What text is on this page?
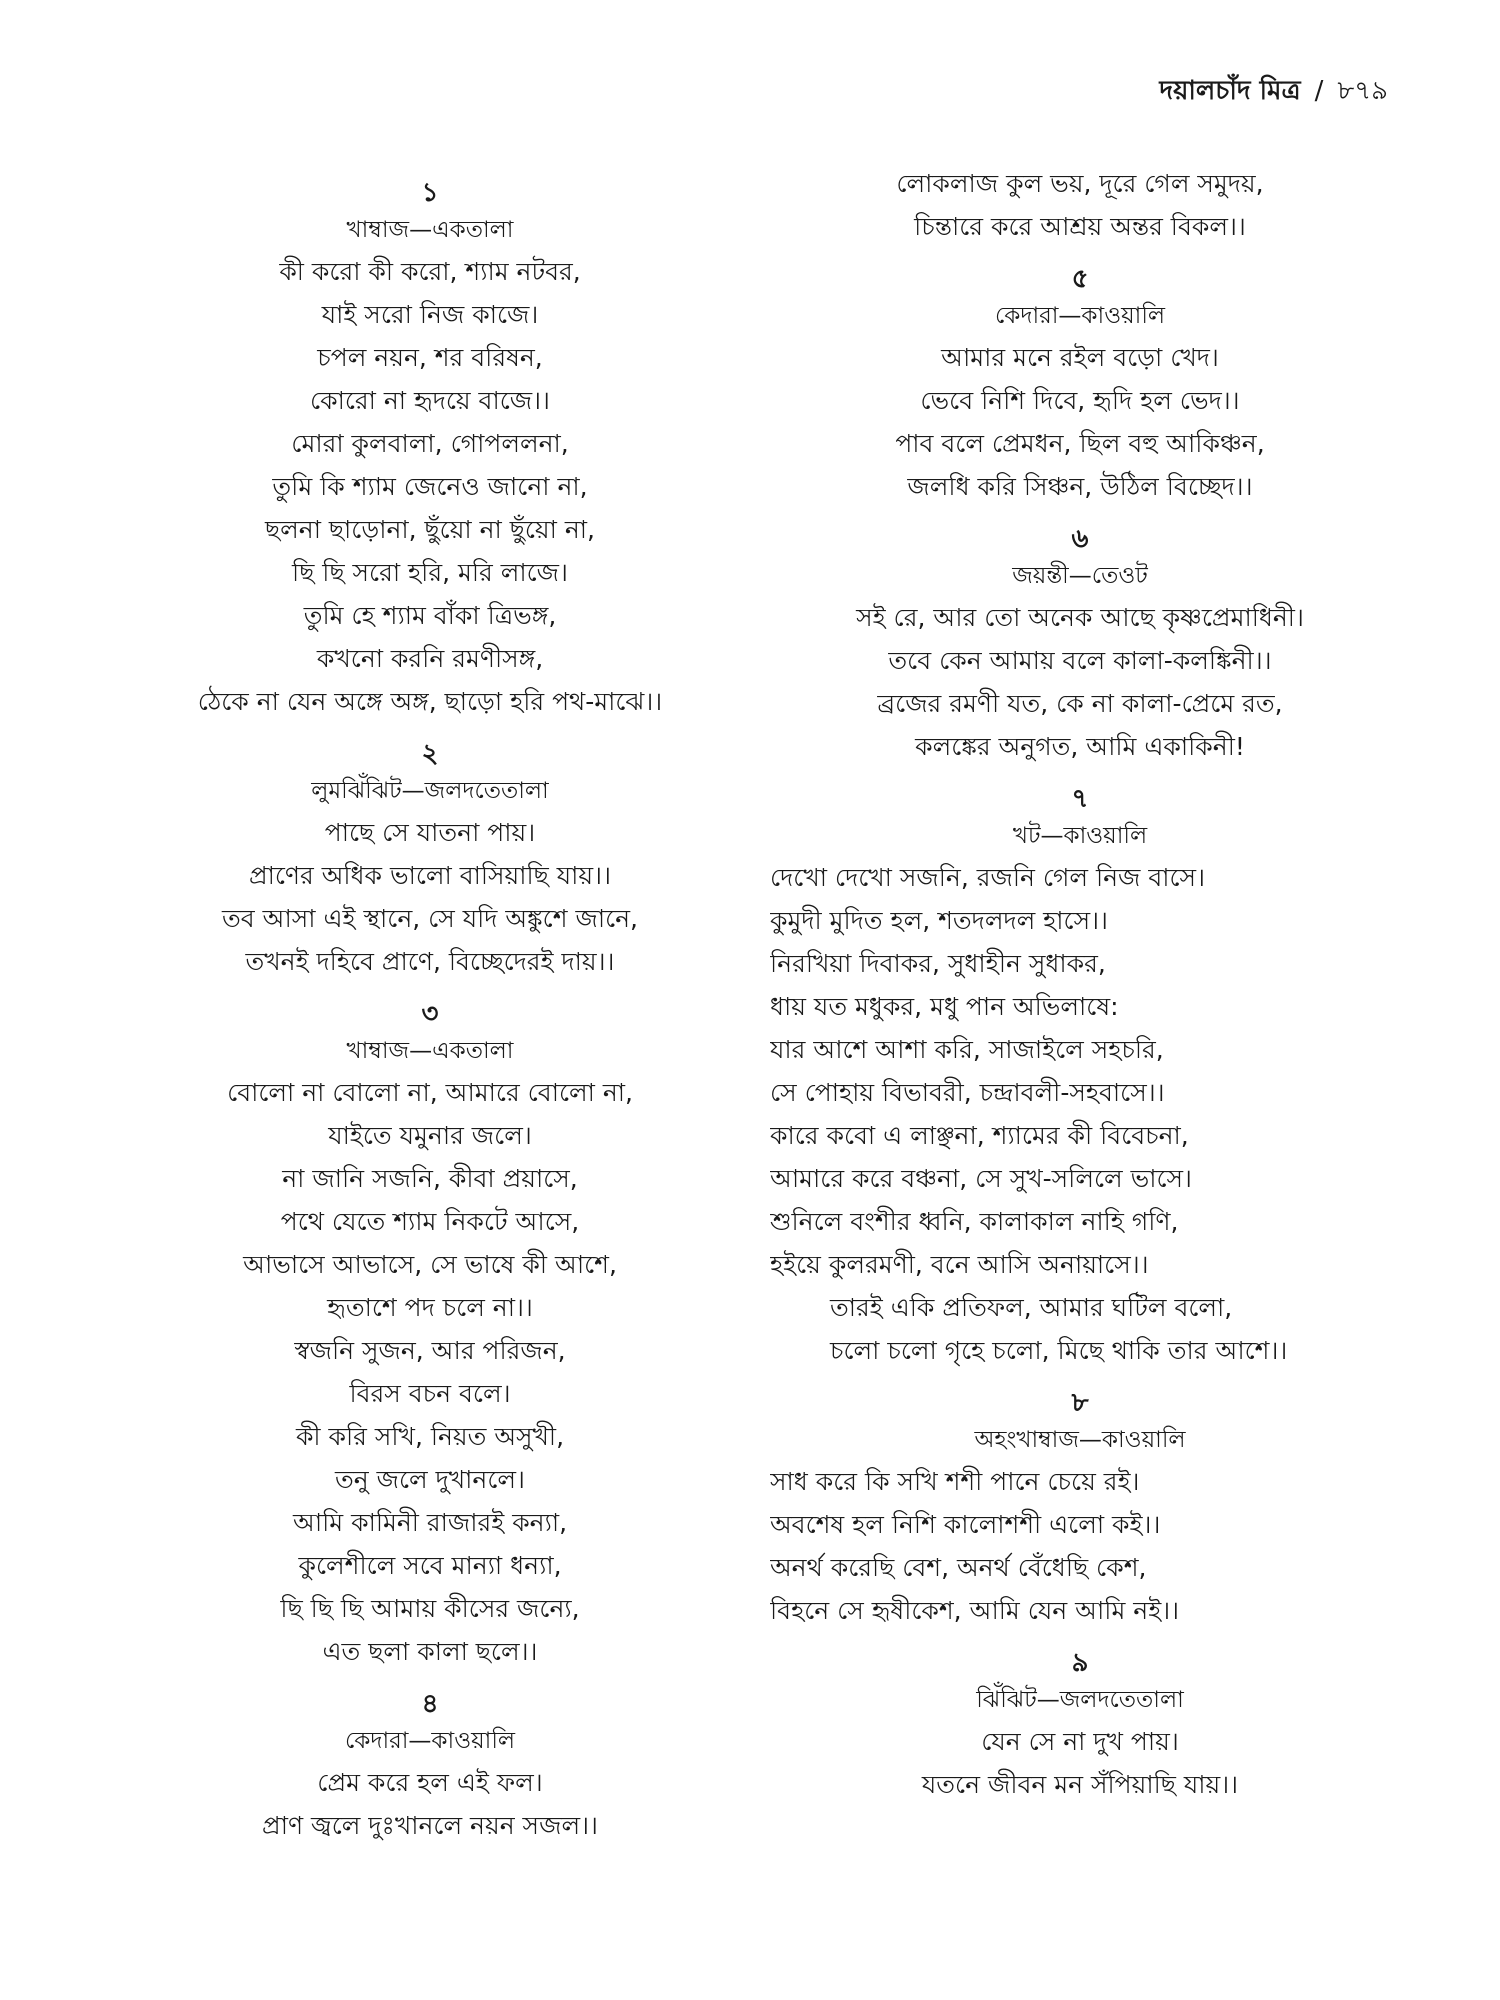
দয়ালচাঁদ মিত্র / ৮৭৯
১
খাম্বাজ—একতালা
কী করো কী করো, শ্যাম নটবর,
যাই সরো নিজ কাজে।
চপল নয়ন, শর বরিষন,
কোরো না হৃদয়ে বাজে।।
মোরা কুলবালা, গোপললনা,
তুমি কি শ্যাম জেনেও জানো না,
ছলনা ছাড়োনা, ছুঁয়ো না ছুঁয়ো না,
ছি ছি সরো হরি, মরি লাজে।
তুমি হে শ্যাম বাঁকা ত্রিভঙ্গ,
কখনো করনি রমণীসঙ্গ,
ঠেকে না যেন অঙ্গে অঙ্গ, ছাড়ো হরি পথ-মাঝে।।
২
লুমঝিঁঝিট—জলদতেতালা
পাছে সে যাতনা পায়।
প্রাণের অধিক ভালো বাসিয়াছি যায়।।
তব আসা এই স্থানে, সে যদি অঙ্কুশে জানে,
তখনই দহিবে প্রাণে, বিচ্ছেদেরই দায়।।
৩
খাম্বাজ—একতালা
বোলো না বোলো না, আমারে বোলো না,
যাইতে যমুনার জলে।
না জানি সজনি, কীবা প্রয়াসে,
পথে যেতে শ্যাম নিকটে আসে,
আভাসে আভাসে, সে ভাষে কী আশে,
হৃতাশে পদ চলে না।।
স্বজনি সুজন, আর পরিজন,
বিরস বচন বলে।
কী করি সখি, নিয়ত অসুখী,
তনু জলে দুখানলে।
আমি কামিনী রাজারই কন্যা,
কুলেশীলে সবে মান্যা ধন্যা,
ছি ছি ছি আমায় কীসের জন্যে,
এত ছলা কালা ছলে।।
৪
কেদারা—কাওয়ালি
প্রেম করে হল এই ফল।
প্রাণ জ্বলে দুঃখানলে নয়ন সজল।।
লোকলাজ কুল ভয়, দূরে গেল সমুদয়,
চিন্তারে করে আশ্রয় অন্তর বিকল।।
৫
কেদারা—কাওয়ালি
আমার মনে রইল বড়ো খেদ।
ভেবে নিশি দিবে, হৃদি হল ভেদ।।
পাব বলে প্রেমধন, ছিল বহু আকিঞ্চন,
জলধি করি সিঞ্চন, উঠিল বিচ্ছেদ।।
৬
জয়ন্তী—তেওট
সই রে, আর তো অনেক আছে কৃষ্ণপ্রেমাধিনী।
তবে কেন আমায় বলে কালা-কলঙ্কিনী।।
ব্রজের রমণী যত, কে না কালা-প্রেমে রত,
কলঙ্কের অনুগত, আমি একাকিনী!
৭
খট—কাওয়ালি
দেখো দেখো সজনি, রজনি গেল নিজ বাসে।
কুমুদী মুদিত হল, শতদলদল হাসে।।
নিরখিয়া দিবাকর, সুধাহীন সুধাকর,
ধায় যত মধুকর, মধু পান অভিলাষে:
যার আশে আশা করি, সাজাইলে সহচরি,
সে পোহায় বিভাবরী, চন্দ্রাবলী-সহবাসে।।
কারে কবো এ লাঞ্ছনা, শ্যামের কী বিবেচনা,
আমারে করে বঞ্চনা, সে সুখ-সলিলে ভাসে।
শুনিলে বংশীর ধ্বনি, কালাকাল নাহি গণি,
হইয়ে কুলরমণী, বনে আসি অনায়াসে।।
তারই একি প্রতিফল, আমার ঘটিল বলো,
চলো চলো গৃহে চলো, মিছে থাকি তার আশে।।
৮
অহংখাম্বাজ—কাওয়ালি
সাধ করে কি সখি শশী পানে চেয়ে রই।
অবশেষ হল নিশি কালোশশী এলো কই।।
অনর্থ করেছি বেশ, অনর্থ বেঁধেছি কেশ,
বিহনে সে হৃষীকেশ, আমি যেন আমি নই।।
৯
ঝিঁঝিট—জলদতেতালা
যেন সে না দুখ পায়।
যতনে জীবন মন সঁপিয়াছি যায়।।
